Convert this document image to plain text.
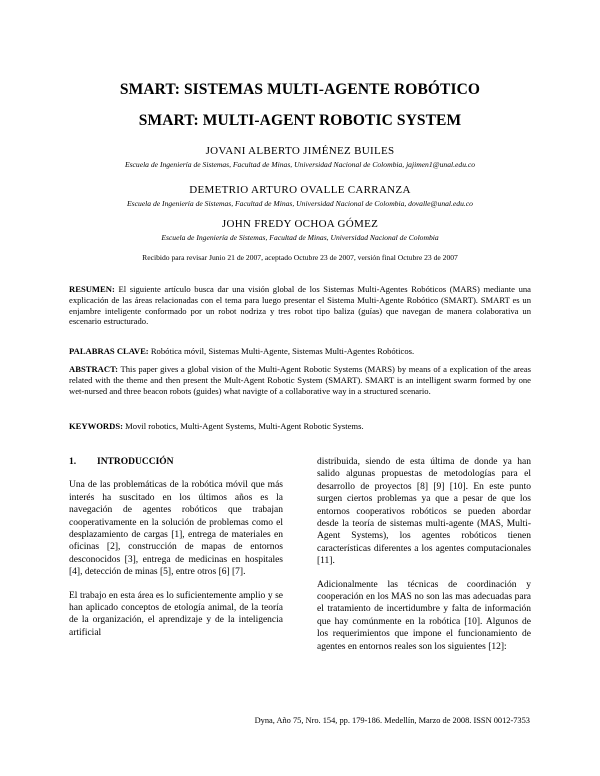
SMART: SISTEMAS MULTI-AGENTE ROBÓTICO
SMART: MULTI-AGENT ROBOTIC SYSTEM
JOVANI ALBERTO JIMÉNEZ BUILES
Escuela de Ingeniería de Sistemas, Facultad de Minas, Universidad Nacional de Colombia, jajimen1@unal.edu.co
DEMETRIO ARTURO OVALLE CARRANZA
Escuela de Ingeniería de Sistemas, Facultad de Minas, Universidad Nacional de Colombia, dovalle@unal.edu.co
JOHN FREDY OCHOA GÓMEZ
Escuela de Ingeniería de Sistemas, Facultad de Minas, Universidad Nacional de Colombia
Recibido para revisar Junio 21 de 2007, aceptado Octubre 23 de 2007, versión final Octubre 23 de 2007
RESUMEN: El siguiente artículo busca dar una visión global de los Sistemas Multi-Agentes Robóticos (MARS) mediante una explicación de las áreas relacionadas con el tema para luego presentar el Sistema Multi-Agente Robótico (SMART). SMART es un enjambre inteligente conformado por un robot nodriza y tres robot tipo baliza (guías) que navegan de manera colaborativa un escenario estructurado.
PALABRAS CLAVE: Robótica móvil, Sistemas Multi-Agente, Sistemas Multi-Agentes Robóticos.
ABSTRACT: This paper gives a global vision of the Multi-Agent Robotic Systems (MARS) by means of a explication of the areas related with the theme and then present the Mult-Agent Robotic System (SMART). SMART is an intelligent swarm formed by one wet-nursed and three beacon robots (guides) what navigte of a collaborative way in a structured scenario.
KEYWORDS: Movil robotics, Multi-Agent Systems, Multi-Agent Robotic Systems.
1. INTRODUCCIÓN

Una de las problemáticas de la robótica móvil que más interés ha suscitado en los últimos años es la navegación de agentes robóticos que trabajan cooperativamente en la solución de problemas como el desplazamiento de cargas [1], entrega de materiales en oficinas [2], construcción de mapas de entornos desconocidos [3], entrega de medicinas en hospitales [4], detección de minas [5], entre otros [6] [7].

El trabajo en esta área es lo suficientemente amplio y se han aplicado conceptos de etología animal, de la teoría de la organización, el aprendizaje y de la inteligencia artificial

distribuida, siendo de esta última de donde ya han salido algunas propuestas de metodologías para el desarrollo de proyectos [8] [9] [10]. En este punto surgen ciertos problemas ya que a pesar de que los entornos cooperativos robóticos se pueden abordar desde la teoría de sistemas multi-agente (MAS, Multi-Agent Systems), los agentes robóticos tienen características diferentes a los agentes computacionales [11].

Adicionalmente las técnicas de coordinación y cooperación en los MAS no son las mas adecuadas para el tratamiento de incertidumbre y falta de información que hay comúnmente en la robótica [10]. Algunos de los requerimientos que impone el funcionamiento de agentes en entornos reales son los siguientes [12]:

Dyna, Año 75, Nro. 154, pp. 179-186. Medellín, Marzo de 2008. ISSN 0012-7353
